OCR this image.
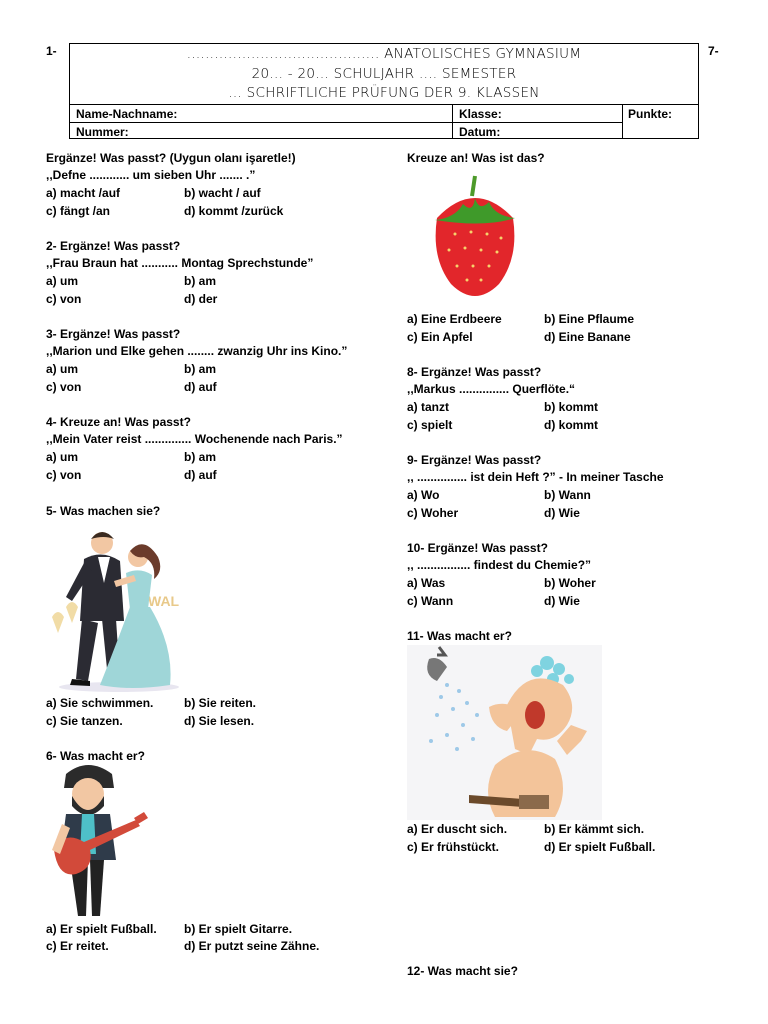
1-	7-
.......................................... ANATOLISCHES GYMNASIUM
20... - 20... SCHULJAHR .... SEMESTER
... SCHRIFTLICHE PRÜFUNG DER 9. KLASSEN
Name-Nachname:	Klasse:
Nummer:	Datum:
Punkte:
Ergänze! Was passt? (Uygun olanı işaretle!)
,,Defne ............ um sieben Uhr ....... .”
a) macht /auf	b) wacht / auf
c) fängt /an	d) kommt /zurück
2- Ergänze! Was passt?
,,Frau Braun hat ........... Montag Sprechstunde”
a) um	b) am
c) von	d) der
3- Ergänze! Was passt?
,,Marion und Elke gehen ........ zwanzig Uhr ins Kino.”
a) um	b) am
c) von	d) auf
4- Kreuze an! Was passt?
,,Mein Vater reist .............. Wochenende nach Paris.”
a) um	b) am
c) von	d) auf
5- Was machen sie?
WAL
a) Sie schwimmen.	b) Sie reiten.
c) Sie tanzen.	d) Sie lesen.
6- Was macht er?
a) Er spielt Fußball. b) Er spielt Gitarre.
c) Er reitet.	d) Er putzt seine Zähne.
Kreuze an! Was ist das?
a) Eine Erdbeere	b) Eine Pflaume
c) Ein Apfel	d) Eine Banane
8- Ergänze! Was passt?
,,Markus ............... Querflöte.“
a) tanzt	b) kommt
c) spielt	d) kommt
9- Ergänze! Was passt?
,, ............... ist dein Heft ?” - In meiner Tasche
a) Wo	b) Wann
c) Woher	d) Wie
10- Ergänze! Was passt?
,, ................ findest du Chemie?”
a) Was	b) Woher
c) Wann	d) Wie
11- Was macht er?
a) Er duscht sich.	b) Er kämmt sich.
c) Er frühstückt.	d) Er spielt Fußball.
12- Was macht sie?
